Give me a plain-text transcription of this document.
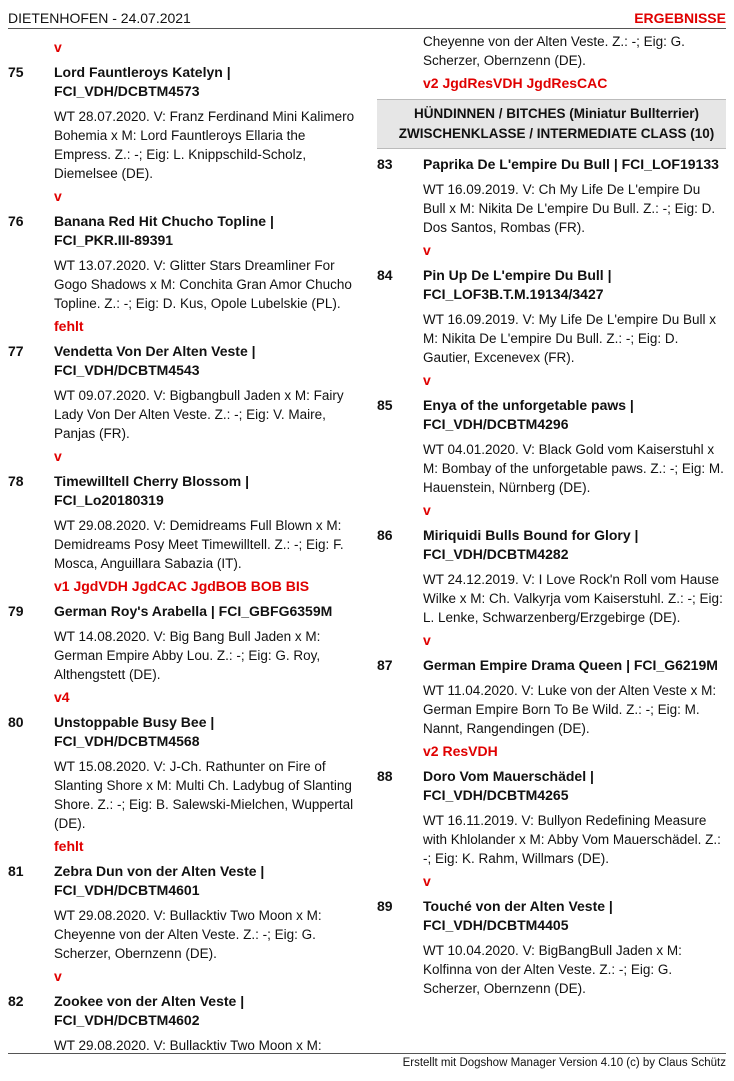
DIETENHOFEN - 24.07.2021	ERGEBNISSE
v
75	Lord Fauntleroys Katelyn | FCI_VDH/DCBTM4573
WT 28.07.2020. V: Franz Ferdinand Mini Kalimero Bohemia x M: Lord Fauntleroys Ellaria the Empress. Z.: -; Eig: L. Knippschild-Scholz, Diemelsee (DE).
v
76	Banana Red Hit Chucho Topline | FCI_PKR.III-89391
WT 13.07.2020. V: Glitter Stars Dreamliner For Gogo Shadows x M: Conchita Gran Amor Chucho Topline. Z.: -; Eig: D. Kus, Opole Lubelskie (PL).
fehlt
77	Vendetta Von Der Alten Veste | FCI_VDH/DCBTM4543
WT 09.07.2020. V: Bigbangbull Jaden x M: Fairy Lady Von Der Alten Veste. Z.: -; Eig: V. Maire, Panjas (FR).
v
78	Timewilltell Cherry Blossom | FCI_Lo20180319
WT 29.08.2020. V: Demidreams Full Blown x M: Demidreams Posy Meet Timewilltell. Z.: -; Eig: F. Mosca, Anguillara Sabazia (IT).
v1 JgdVDH JgdCAC JgdBOB BOB BIS
79	German Roy's Arabella | FCI_GBFG6359M
WT 14.08.2020. V: Big Bang Bull Jaden x M: German Empire Abby Lou. Z.: -; Eig: G. Roy, Althengstett (DE).
v4
80	Unstoppable Busy Bee | FCI_VDH/DCBTM4568
WT 15.08.2020. V: J-Ch. Rathunter on Fire of Slanting Shore x M: Multi Ch. Ladybug of Slanting Shore. Z.: -; Eig: B. Salewski-Mielchen, Wuppertal (DE).
fehlt
81	Zebra Dun von der Alten Veste | FCI_VDH/DCBTM4601
WT 29.08.2020. V: Bullacktiv Two Moon x M: Cheyenne von der Alten Veste. Z.: -; Eig: G. Scherzer, Obernzenn (DE).
v
82	Zookee von der Alten Veste | FCI_VDH/DCBTM4602
WT 29.08.2020. V: Bullacktiv Two Moon x M:
Cheyenne von der Alten Veste. Z.: -; Eig: G. Scherzer, Obernzenn (DE).
v2 JgdResVDH JgdResCAC
HÜNDINNEN / BITCHES (Miniatur Bullterrier)
ZWISCHENKLASSE / INTERMEDIATE CLASS (10)
83	Paprika De L'empire Du Bull | FCI_LOF19133
WT 16.09.2019. V: Ch My Life De L'empire Du Bull x M: Nikita De L'empire Du Bull. Z.: -; Eig: D. Dos Santos, Rombas (FR).
v
84	Pin Up De L'empire Du Bull | FCI_LOF3B.T.M.19134/3427
WT 16.09.2019. V: My Life De L'empire Du Bull x M: Nikita De L'empire Du Bull. Z.: -; Eig: D. Gautier, Excenevex (FR).
v
85	Enya of the unforgetable paws | FCI_VDH/DCBTM4296
WT 04.01.2020. V: Black Gold vom Kaiserstuhl x M: Bombay of the unforgetable paws. Z.: -; Eig: M. Hauenstein, Nürnberg (DE).
v
86	Miriquidi Bulls Bound for Glory | FCI_VDH/DCBTM4282
WT 24.12.2019. V: I Love Rock'n Roll vom Hause Wilke x M: Ch. Valkyrja vom Kaiserstuhl. Z.: -; Eig: L. Lenke, Schwarzenberg/Erzgebirge (DE).
v
87	German Empire Drama Queen | FCI_G6219M
WT 11.04.2020. V: Luke von der Alten Veste x M: German Empire Born To Be Wild. Z.: -; Eig: M. Nannt, Rangendingen (DE).
v2 ResVDH
88	Doro Vom Mauerschädel | FCI_VDH/DCBTM4265
WT 16.11.2019. V: Bullyon Redefining Measure with Khlolander x M: Abby Vom Mauerschädel. Z.: -; Eig: K. Rahm, Willmars (DE).
v
89	Touché von der Alten Veste | FCI_VDH/DCBTM4405
WT 10.04.2020. V: BigBangBull Jaden x M: Kolfinna von der Alten Veste. Z.: -; Eig: G. Scherzer, Obernzenn (DE).
Erstellt mit Dogshow Manager Version 4.10 (c) by Claus Schütz
